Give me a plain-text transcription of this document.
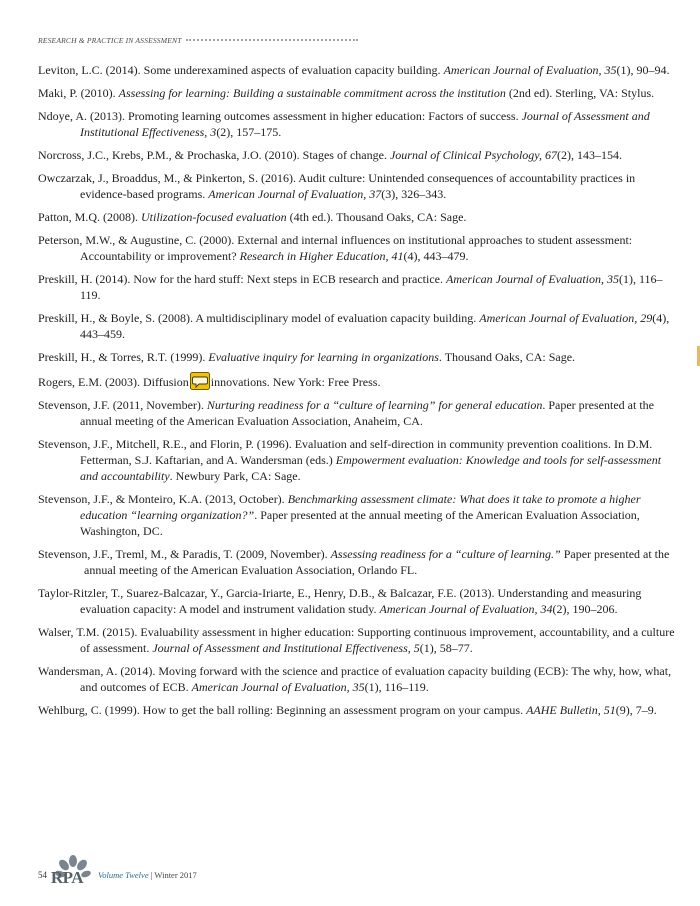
RESEARCH & PRACTICE IN ASSESSMENT
Leviton, L.C. (2014). Some underexamined aspects of evaluation capacity building. American Journal of Evaluation, 35(1), 90–94.
Maki, P. (2010). Assessing for learning: Building a sustainable commitment across the institution (2nd ed). Sterling, VA: Stylus.
Ndoye, A. (2013). Promoting learning outcomes assessment in higher education: Factors of success. Journal of Assessment and Institutional Effectiveness, 3(2), 157–175.
Norcross, J.C., Krebs, P.M., & Prochaska, J.O. (2010). Stages of change. Journal of Clinical Psychology, 67(2), 143–154.
Owczarzak, J., Broaddus, M., & Pinkerton, S. (2016). Audit culture: Unintended consequences of accountability practices in evidence-based programs. American Journal of Evaluation, 37(3), 326–343.
Patton, M.Q. (2008). Utilization-focused evaluation (4th ed.). Thousand Oaks, CA: Sage.
Peterson, M.W., & Augustine, C. (2000). External and internal influences on institutional approaches to student assessment: Accountability or improvement? Research in Higher Education, 41(4), 443–479.
Preskill, H. (2014). Now for the hard stuff: Next steps in ECB research and practice. American Journal of Evaluation, 35(1), 116–119.
Preskill, H., & Boyle, S. (2008). A multidisciplinary model of evaluation capacity building. American Journal of Evaluation, 29(4), 443–459.
Preskill, H., & Torres, R.T. (1999). Evaluative inquiry for learning in organizations. Thousand Oaks, CA: Sage.
Rogers, E.M. (2003). Diffusion innovations. New York: Free Press.
Stevenson, J.F. (2011, November). Nurturing readiness for a “culture of learning” for general education. Paper presented at the annual meeting of the American Evaluation Association, Anaheim, CA.
Stevenson, J.F., Mitchell, R.E., and Florin, P. (1996). Evaluation and self-direction in community prevention coalitions. In D.M. Fetterman, S.J. Kaftarian, and A. Wandersman (eds.) Empowerment evaluation: Knowledge and tools for self-assessment and accountability. Newbury Park, CA: Sage.
Stevenson, J.F., & Monteiro, K.A. (2013, October). Benchmarking assessment climate: What does it take to promote a higher education “learning organization?”. Paper presented at the annual meeting of the American Evaluation Association, Washington, DC.
Stevenson, J.F., Treml, M., & Paradis, T. (2009, November). Assessing readiness for a “culture of learning.” Paper presented at the annual meeting of the American Evaluation Association, Orlando FL.
Taylor-Ritzler, T., Suarez-Balcazar, Y., Garcia-Iriarte, E., Henry, D.B., & Balcazar, F.E. (2013). Understanding and measuring evaluation capacity: A model and instrument validation study. American Journal of Evaluation, 34(2), 190–206.
Walser, T.M. (2015). Evaluability assessment in higher education: Supporting continuous improvement, accountability, and a culture of assessment. Journal of Assessment and Institutional Effectiveness, 5(1), 58–77.
Wandersman, A. (2014). Moving forward with the science and practice of evaluation capacity building (ECB): The why, how, what, and outcomes of ECB. American Journal of Evaluation, 35(1), 116–119.
Wehlburg, C. (1999). How to get the ball rolling: Beginning an assessment program on your campus. AAHE Bulletin, 51(9), 7–9.
54 RPA Volume Twelve | Winter 2017
